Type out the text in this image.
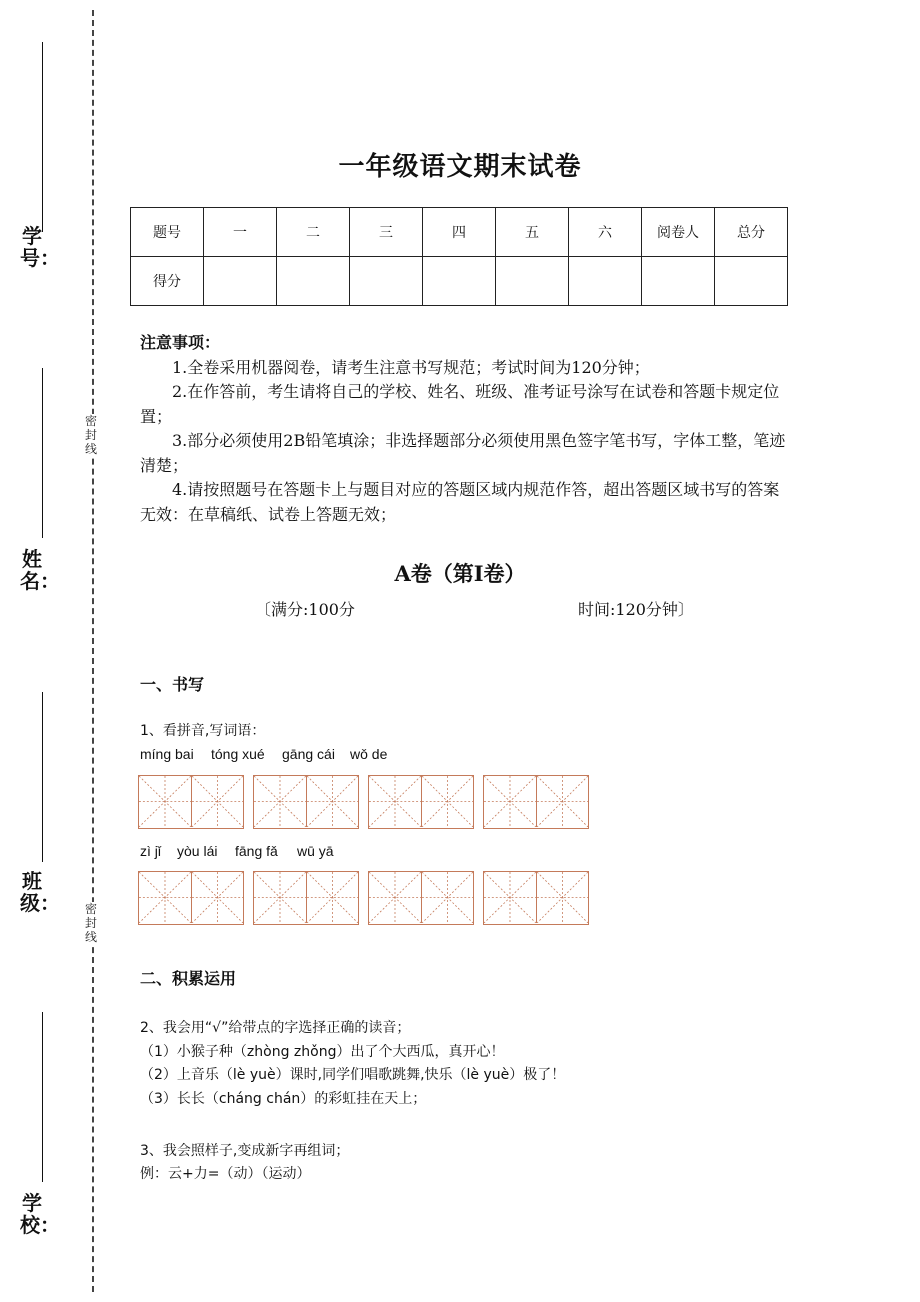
学号：
姓名：
班级：
学校：
密封线
密封线
一年级语文期末试卷
题号	一	二	三	四	五	六	阅卷人	总分
得分								
注意事项：

1.全卷采用机器阅卷，请考生注意书写规范；考试时间为120分钟；

2.在作答前，考生请将自己的学校、姓名、班级、准考证号涂写在试卷和答题卡规定位置；

3.部分必须使用2B铅笔填涂；非选择题部分必须使用黑色签字笔书写，字体工整，笔迹清楚；

4.请按照题号在答题卡上与题目对应的答题区域内规范作答，超出答题区域书写的答案无效：在草稿纸、试卷上答题无效；

A卷（第Ⅰ卷）
〔满分:100分	时间:120分钟〕
一、书写
1、看拼音,写词语：
míng bai tóng xué gāng cái wǒ de
zì jǐ yòu lái fāng fǎ wū yā
二、积累运用
2、我会用“√”给带点的字选择正确的读音；
（1）小猴子种（zhòng zhǒng）出了个大西瓜，真开心！
（2）上音乐（lè yuè）课时,同学们唱歌跳舞,快乐（lè yuè）极了！
（3）长长（cháng chán）的彩虹挂在天上；
3、我会照样子,变成新字再组词；
例：云+力=（动）（运动）
